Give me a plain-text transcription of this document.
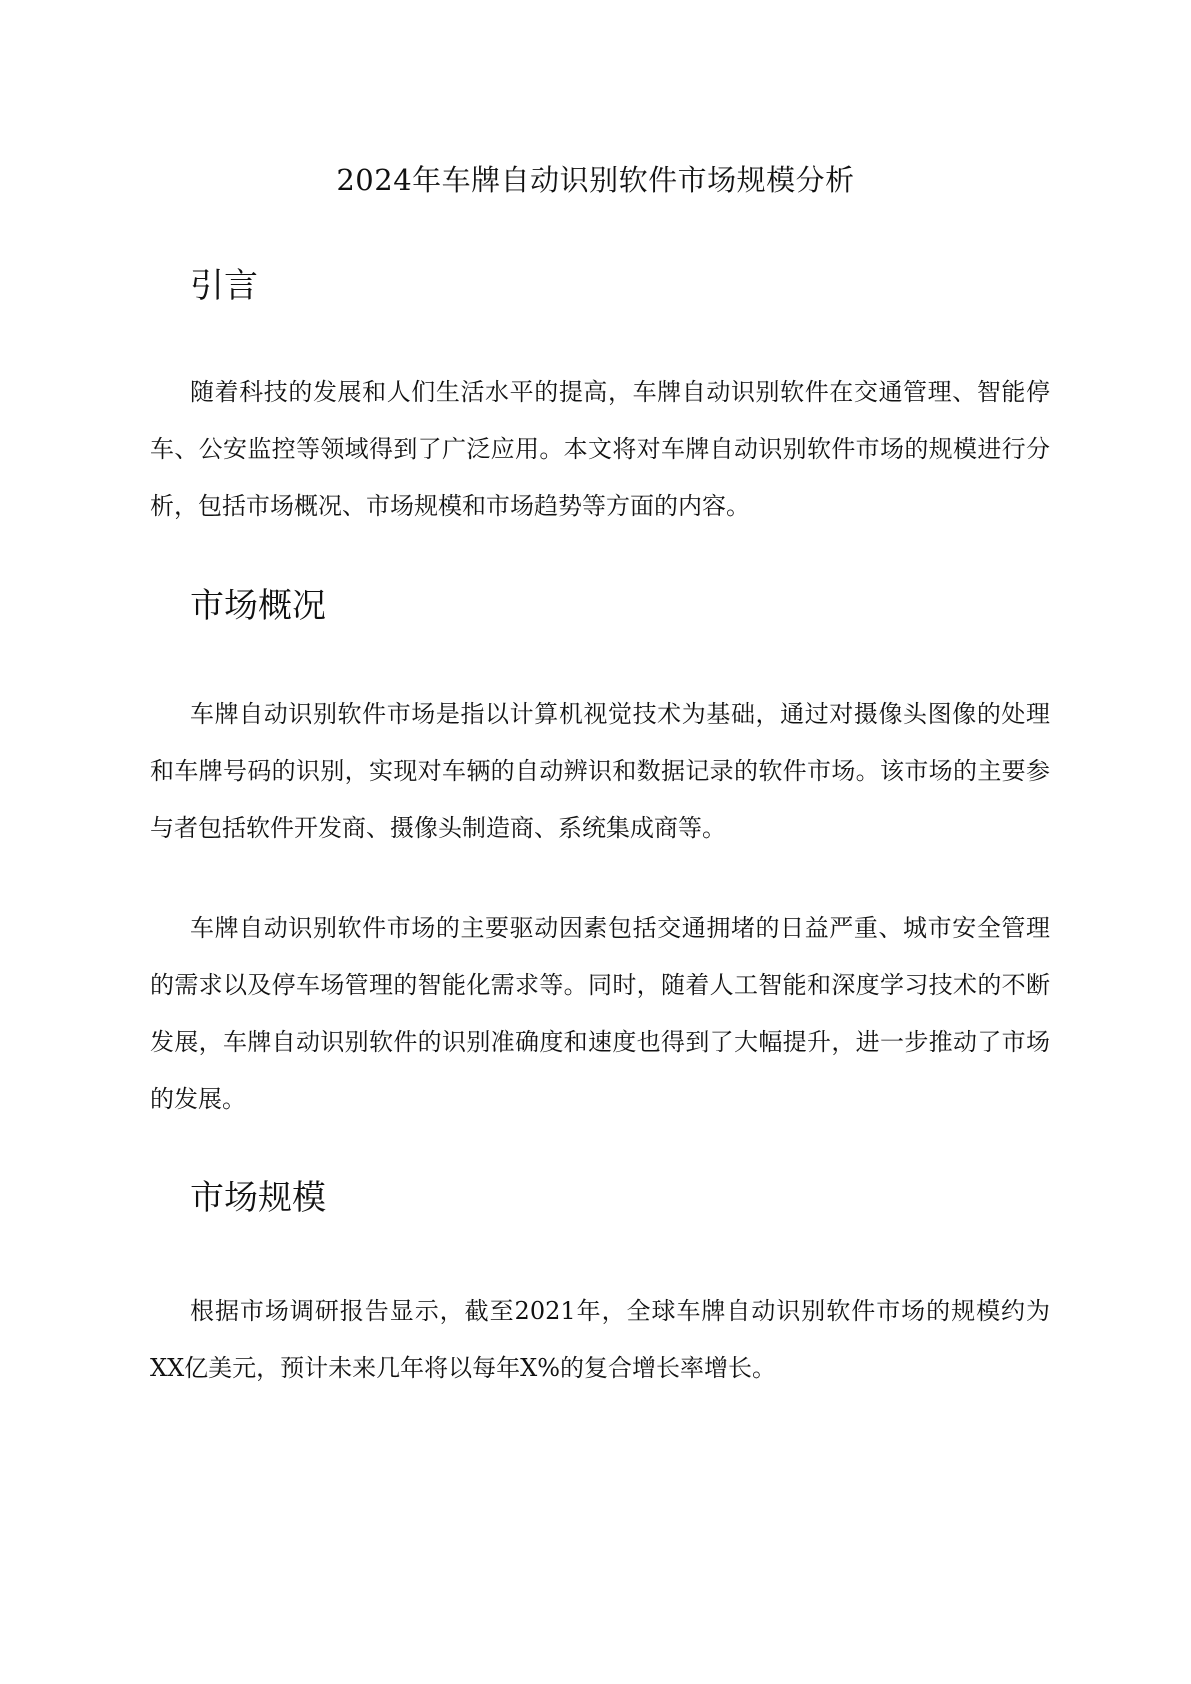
2024年车牌自动识别软件市场规模分析
引言

随着科技的发展和人们生活水平的提高，车牌自动识别软件在交通管理、智能停车、公安监控等领域得到了广泛应用。本文将对车牌自动识别软件市场的规模进行分析，包括市场概况、市场规模和市场趋势等方面的内容。

市场概况

车牌自动识别软件市场是指以计算机视觉技术为基础，通过对摄像头图像的处理和车牌号码的识别，实现对车辆的自动辨识和数据记录的软件市场。该市场的主要参与者包括软件开发商、摄像头制造商、系统集成商等。

车牌自动识别软件市场的主要驱动因素包括交通拥堵的日益严重、城市安全管理的需求以及停车场管理的智能化需求等。同时，随着人工智能和深度学习技术的不断发展，车牌自动识别软件的识别准确度和速度也得到了大幅提升，进一步推动了市场的发展。

市场规模

根据市场调研报告显示，截至2021年，全球车牌自动识别软件市场的规模约为XX亿美元，预计未来几年将以每年X%的复合增长率增长。
